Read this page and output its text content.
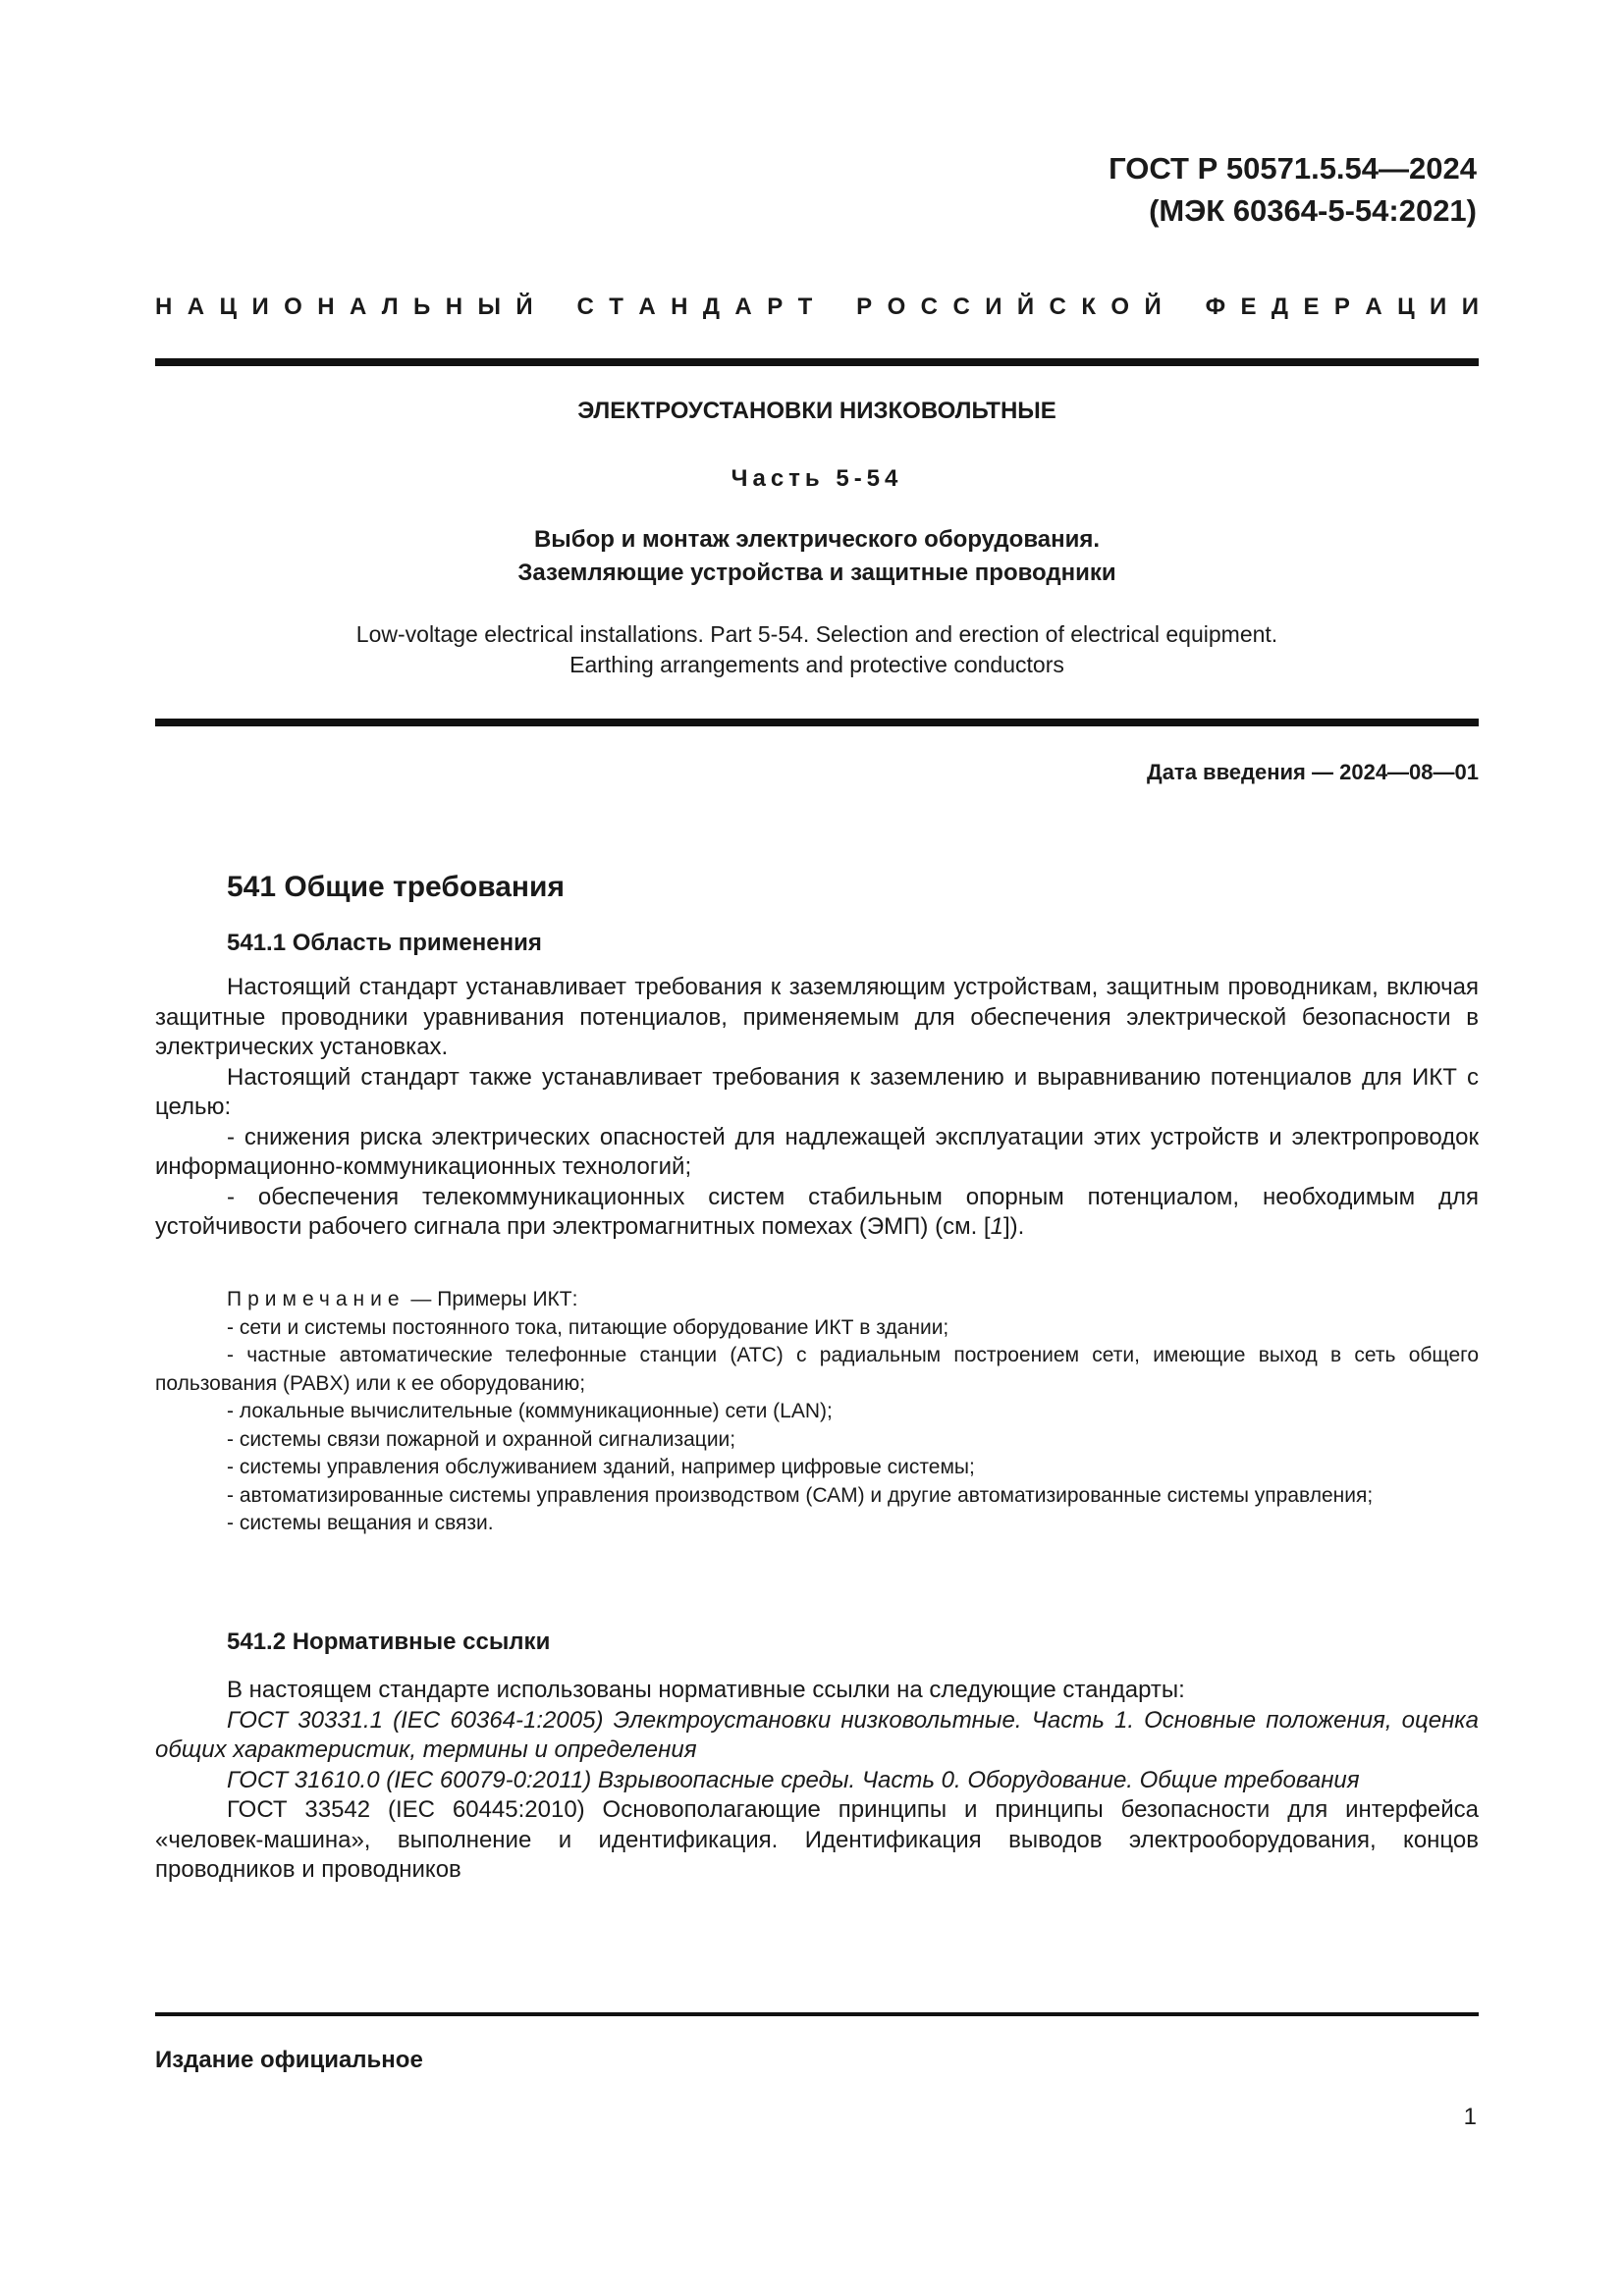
ГОСТ Р 50571.5.54—2024
(МЭК 60364-5-54:2021)
Н А Ц И О Н А Л Ь Н Ы Й
С Т А Н Д А Р Т
Р О С С И Й С К О Й
Ф Е Д Е Р А Ц И И
ЭЛЕКТРОУСТАНОВКИ НИЗКОВОЛЬТНЫЕ
Часть 5-54
Выбор и монтаж электрического оборудования.
Заземляющие устройства и защитные проводники
Low-voltage electrical installations. Part 5-54. Selection and erection of electrical equipment.
Earthing arrangements and protective conductors
Дата введения — 2024—08—01
541 Общие требования
541.1 Область применения

Настоящий стандарт устанавливает требования к заземляющим устройствам, защитным проводникам, включая защитные проводники уравнивания потенциалов, применяемым для обеспечения электрической безопасности в электрических установках.

Настоящий стандарт также устанавливает требования к заземлению и выравниванию потенциалов для ИКТ с целью:

- снижения риска электрических опасностей для надлежащей эксплуатации этих устройств и электропроводок информационно-коммуникационных технологий;

- обеспечения телекоммуникационных систем стабильным опорным потенциалом, необходимым для устойчивости рабочего сигнала при электромагнитных помехах (ЭМП) (см. [1]).

Примечание — Примеры ИКТ:

- сети и системы постоянного тока, питающие оборудование ИКТ в здании;

- частные автоматические телефонные станции (АТС) с радиальным построением сети, имеющие выход в сеть общего пользования (PABX) или к ее оборудованию;

- локальные вычислительные (коммуникационные) сети (LAN);

- системы связи пожарной и охранной сигнализации;

- системы управления обслуживанием зданий, например цифровые системы;

- автоматизированные системы управления производством (САМ) и другие автоматизированные системы управления;

- системы вещания и связи.

541.2 Нормативные ссылки

В настоящем стандарте использованы нормативные ссылки на следующие стандарты:

ГОСТ 30331.1 (IEC 60364-1:2005) Электроустановки низковольтные. Часть 1. Основные положения, оценка общих характеристик, термины и определения

ГОСТ 31610.0 (IEC 60079-0:2011) Взрывоопасные среды. Часть 0. Оборудование. Общие требования

ГОСТ 33542 (IEC 60445:2010) Основополагающие принципы и принципы безопасности для интерфейса «человек-машина», выполнение и идентификация. Идентификация выводов электрооборудования, концов проводников и проводников

Издание официальное
1
